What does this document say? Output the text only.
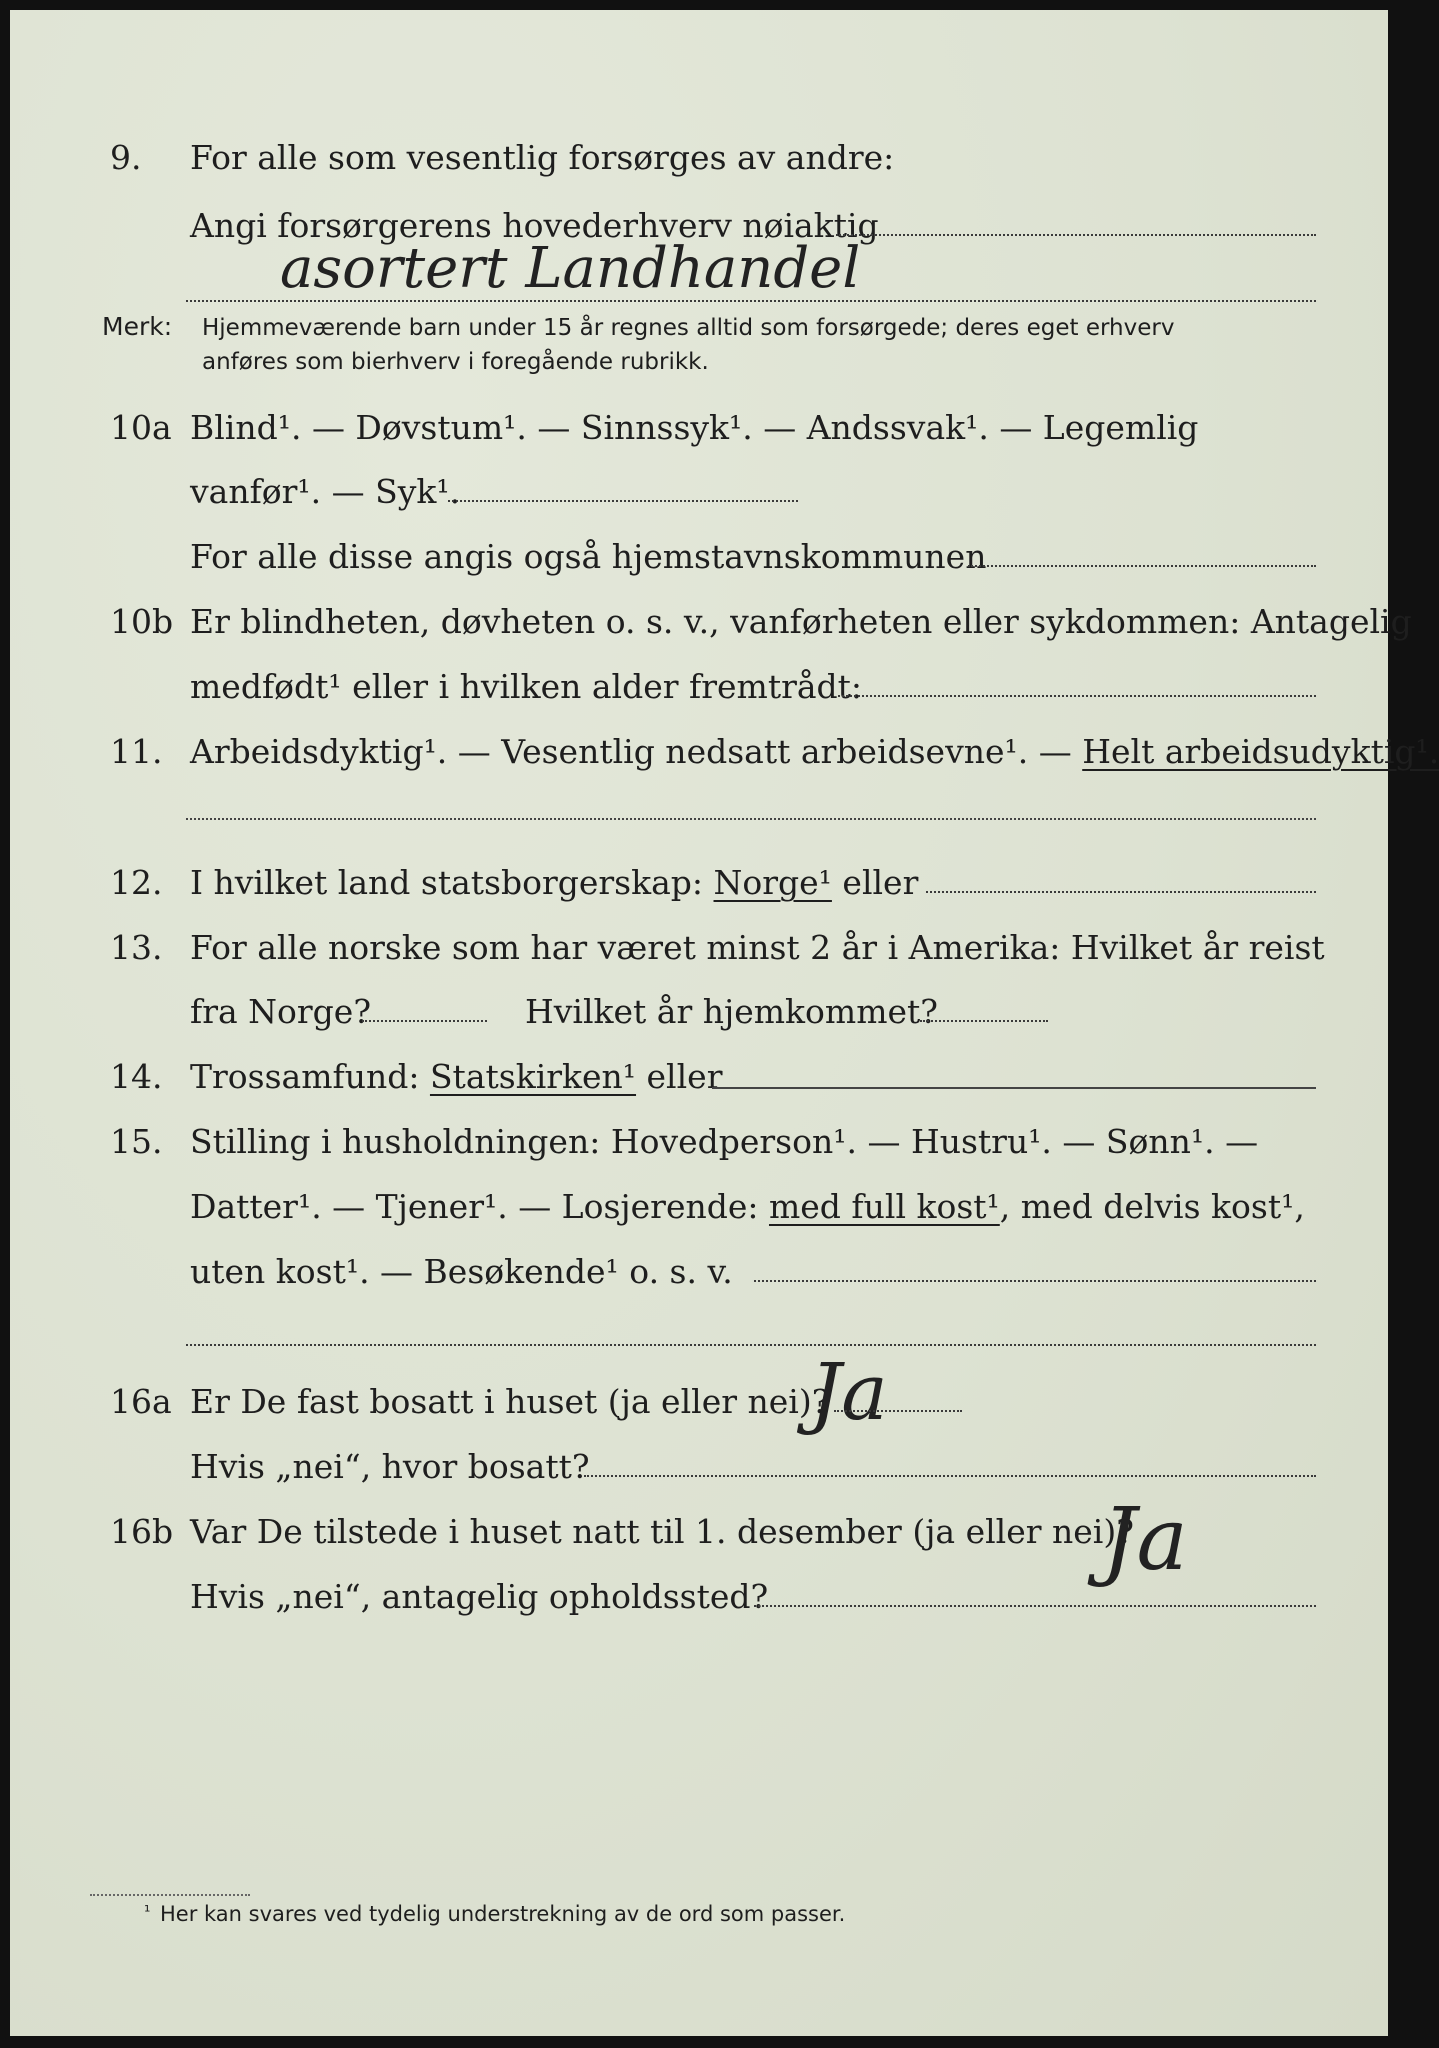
9. For alle som vesentlig forsørges av andre:
Angi forsørgerens hovederhverv nøiaktig
asortert Landhandel
Merk: Hjemmeværende barn under 15 år regnes alltid som forsørgede; deres eget erhverv
anføres som bierhverv i foregående rubrikk.
10a Blind¹. — Døvstum¹. — Sinnssyk¹. — Andssvak¹. — Legemlig
vanfør¹. — Syk¹.
For alle disse angis også hjemstavnskommunen
10b Er blindheten, døvheten o. s. v., vanførheten eller sykdommen: Antagelig
medfødt¹ eller i hvilken alder fremtrådt:
11. Arbeidsdyktig¹. — Vesentlig nedsatt arbeidsevne¹. — Helt arbeidsudyktig¹.
12. I hvilket land statsborgerskap: Norge¹ eller
13. For alle norske som har været minst 2 år i Amerika: Hvilket år reist
fra Norge?	Hvilket år hjemkommet?
14. Trossamfund: Statskirken¹ eller
15. Stilling i husholdningen: Hovedperson¹. — Hustru¹. — Sønn¹. —
Datter¹. — Tjener¹. — Losjerende: med full kost¹, med delvis kost¹,
uten kost¹. — Besøkende¹ o. s. v.
16a Er De fast bosatt i huset (ja eller nei)?
Ja
Hvis „nei“, hvor bosatt?
16b Var De tilstede i huset natt til 1. desember (ja eller nei)?
Ja
Hvis „nei“, antagelig opholdssted?
¹ Her kan svares ved tydelig understrekning av de ord som passer.
